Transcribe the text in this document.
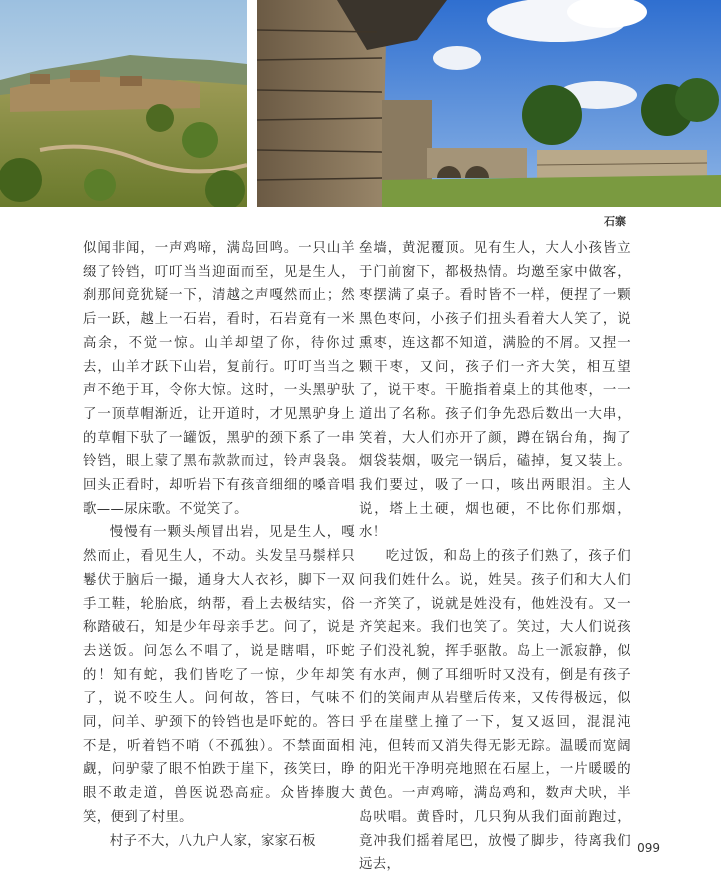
石寨

似闻非闻，一声鸡啼，满岛回鸣。一只山羊缀了铃铛，叮叮当当迎面而至，见是生人，刹那间竟犹疑一下，清越之声嘎然而止；然后一跃，越上一石岩，看时，石岩竟有一米高余，不觉一惊。山羊却望了你，待你过去，山羊才跃下山岩，复前行。叮叮当当之声不绝于耳，令你大惊。这时，一头黑驴驮了一顶草帽渐近，让开道时，才见黑驴身上的草帽下驮了一罐饭，黑驴的颈下系了一串铃铛，眼上蒙了黑布款款而过，铃声袅袅。回头正看时，却听岩下有孩音细细的嗓音唱歌——尿床歌。不觉笑了。

慢慢有一颗头颅冒出岩，见是生人，嘎然而止，看见生人，不动。头发呈马鬃样只鬈伏于脑后一撮，通身大人衣衫，脚下一双手工鞋，轮胎底，纳帮，看上去极结实，俗称踏破石，知是少年母亲手艺。问了，说是去送饭。问怎么不唱了，说是瞎唱，吓蛇的！知有蛇，我们皆吃了一惊，少年却笑了，说不咬生人。问何故，答曰，气味不同，问羊、驴颈下的铃铛也是吓蛇的。答曰不是，听着铛不哨（不孤独）。不禁面面相觑，问驴蒙了眼不怕跌于崖下，孩笑曰，睁眼不敢走道，兽医说恐高症。众皆捧腹大笑，便到了村里。

村子不大，八九户人家，家家石板

垒墙，黄泥覆顶。见有生人，大人小孩皆立于门前窗下，都极热情。均邀至家中做客，枣摆满了桌子。看时皆不一样，便捏了一颗黑色枣问，小孩子们扭头看着大人笑了，说熏枣，连这都不知道，满脸的不屑。又捏一颗干枣，又问，孩子们一齐大笑，相互望了，说干枣。干脆指着桌上的其他枣，一一道出了名称。孩子们争先恐后数出一大串，笑着，大人们亦开了颜，蹲在锅台角，掏了烟袋装烟，吸完一锅后，磕掉，复又装上。我们要过，吸了一口，咳出两眼泪。主人说，塔上土硬，烟也硬，不比你们那烟，水！

吃过饭，和岛上的孩子们熟了，孩子们问我们姓什么。说，姓吴。孩子们和大人们一齐笑了，说就是姓没有，他姓没有。又一齐笑起来。我们也笑了。笑过，大人们说孩子们没礼貌，挥手驱散。岛上一派寂静，似有水声，侧了耳细听时又没有，倒是有孩子们的笑闹声从岩壁后传来，又传得极远，似乎在崖壁上撞了一下，复又返回，混混沌沌，但转而又消失得无影无踪。温暖而宽阔的阳光干净明亮地照在石屋上，一片暖暖的黄色。一声鸡啼，满岛鸡和，数声犬吠，半岛吠唱。黄昏时，几只狗从我们面前跑过，竟冲我们摇着尾巴，放慢了脚步，待离我们远去，

099
